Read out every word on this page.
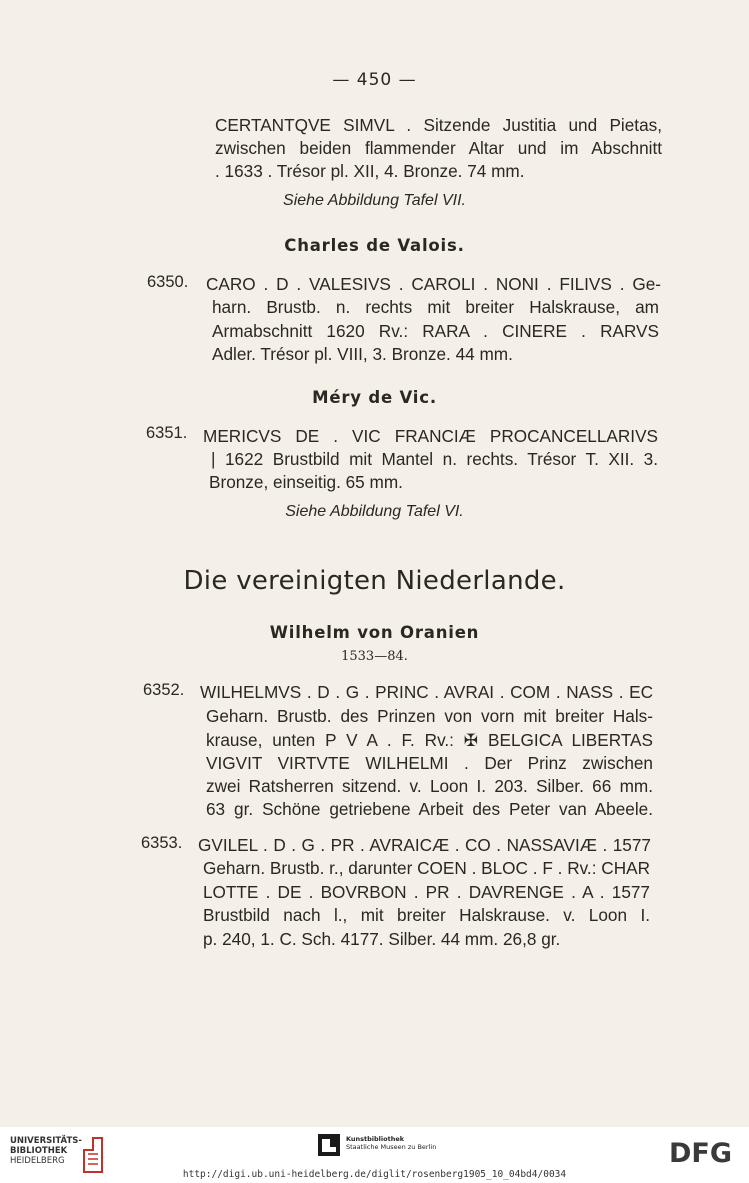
— 450 —
CERTANTQVE SIMVL . Sitzende Justitia und Pietas,
zwischen beiden flammender Altar und im Abschnitt
. 1633 . Trésor pl. XII, 4. Bronze. 74 mm.
Siehe Abbildung Tafel VII.
Charles de Valois.
6350. CARO . D . VALESIVS . CAROLI . NONI . FILIVS . Ge-
harn. Brustb. n. rechts mit breiter Halskrause, am
Armabschnitt 1620 Rv.: RARA . CINERE . RARVS
Adler. Trésor pl. VIII, 3. Bronze. 44 mm.
Méry de Vic.
6351. MERICVS DE . VIC FRANCIÆ PROCANCELLARIVS
| 1622 Brustbild mit Mantel n. rechts. Trésor T. XII. 3.
Bronze, einseitig. 65 mm.
Siehe Abbildung Tafel VI.
Die vereinigten Niederlande.
Wilhelm von Oranien
1533—84.
6352. WILHELMVS . D . G . PRINC . AVRAI . COM . NASS . EC
Geharn. Brustb. des Prinzen von vorn mit breiter Hals-
krause, unten P V A . F. Rv.: ✠ BELGICA LIBERTAS
VIGVIT VIRTVTE WILHELMI . Der Prinz zwischen
zwei Ratsherren sitzend. v. Loon I. 203. Silber. 66 mm.
63 gr. Schöne getriebene Arbeit des Peter van Abeele.
6353. GVILEL . D . G . PR . AVRAICÆ . CO . NASSAVIÆ . 1577
Geharn. Brustb. r., darunter COEN . BLOC . F . Rv.: CHAR
LOTTE . DE . BOVRBON . PR . DAVRENGE . A . 1577
Brustbild nach l., mit breiter Halskrause. v. Loon I.
p. 240, 1. C. Sch. 4177. Silber. 44 mm. 26,8 gr.
UNIVERSITÄTS-
BIBLIOTHEK
HEIDELBERG
Kunstbibliothek
Staatliche Museen zu Berlin
http://digi.ub.uni-heidelberg.de/diglit/rosenberg1905_10_04bd4/0034
DFG
